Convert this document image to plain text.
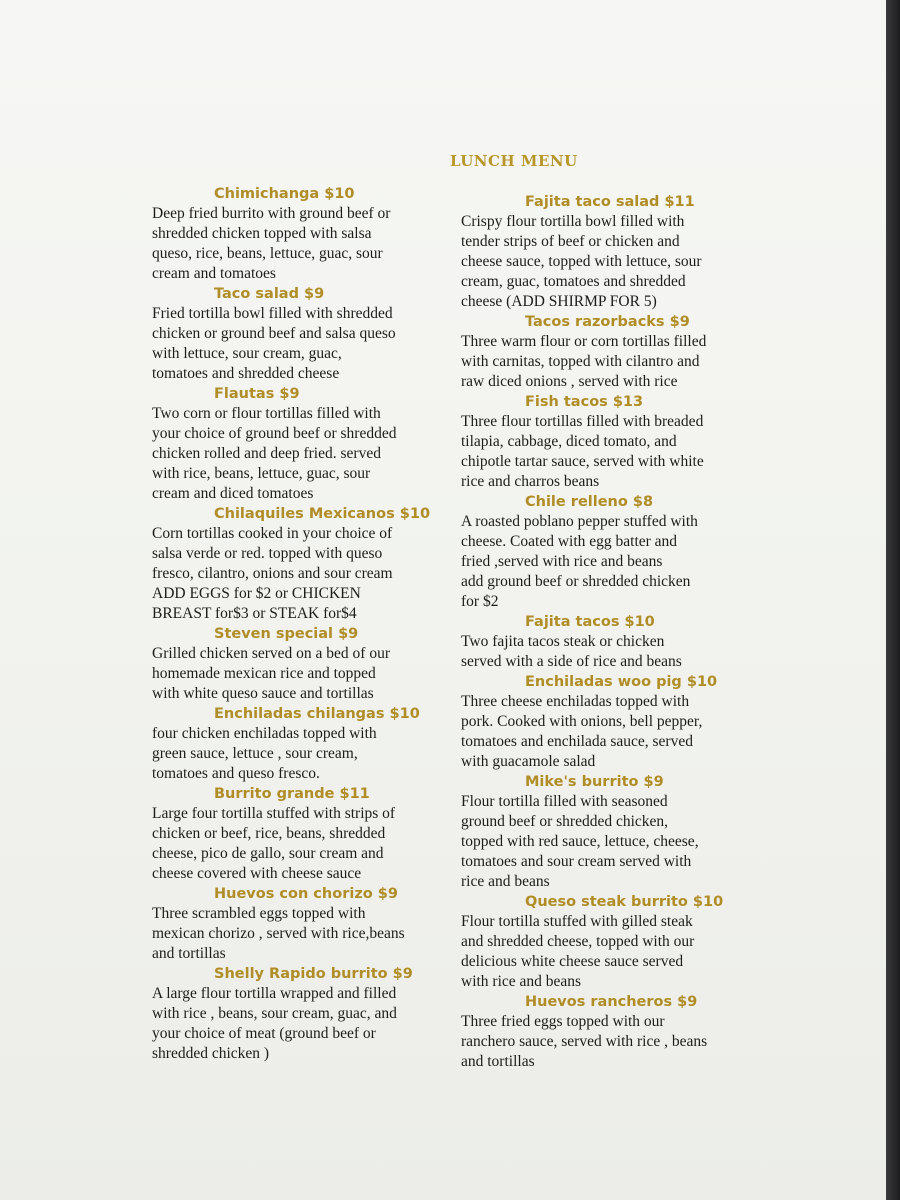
LUNCH MENU
Chimichanga $10
Deep fried burrito with ground beef or
shredded chicken topped with salsa
queso, rice, beans, lettuce, guac, sour
cream and tomatoes
Taco salad $9
Fried tortilla bowl filled with shredded
chicken or ground beef and salsa queso
with lettuce, sour cream, guac,
tomatoes and shredded cheese
Flautas $9
Two corn or flour tortillas filled with
your choice of ground beef or shredded
chicken rolled and deep fried. served
with rice, beans, lettuce, guac, sour
cream and diced tomatoes
Chilaquiles Mexicanos $10
Corn tortillas cooked in your choice of
salsa verde or red. topped with queso
fresco, cilantro, onions and sour cream
ADD EGGS for $2 or CHICKEN
BREAST for$3 or STEAK for$4
Steven special $9
Grilled chicken served on a bed of our
homemade mexican rice and topped
with white queso sauce and tortillas
Enchiladas chilangas $10
four chicken enchiladas topped with
green sauce, lettuce , sour cream,
tomatoes and queso fresco.
Burrito grande $11
Large four tortilla stuffed with strips of
chicken or beef, rice, beans, shredded
cheese, pico de gallo, sour cream and
cheese covered with cheese sauce
Huevos con chorizo $9
Three scrambled eggs topped with
mexican chorizo , served with rice,beans
and tortillas
Shelly Rapido burrito $9
A large flour tortilla wrapped and filled
with rice , beans, sour cream, guac, and
your choice of meat (ground beef or
shredded chicken )
Fajita taco salad $11
Crispy flour tortilla bowl filled with
tender strips of beef or chicken and
cheese sauce, topped with lettuce, sour
cream, guac, tomatoes and shredded
cheese (ADD SHIRMP FOR 5)
Tacos razorbacks $9
Three warm flour or corn tortillas filled
with carnitas, topped with cilantro and
raw diced onions , served with rice
Fish tacos $13
Three flour tortillas filled with breaded
tilapia, cabbage, diced tomato, and
chipotle tartar sauce, served with white
rice and charros beans
Chile relleno $8
A roasted poblano pepper stuffed with
cheese. Coated with egg batter and
fried ,served with rice and beans
add ground beef or shredded chicken
for $2
Fajita tacos $10
Two fajita tacos steak or chicken
served with a side of rice and beans
Enchiladas woo pig $10
Three cheese enchiladas topped with
pork. Cooked with onions, bell pepper,
tomatoes and enchilada sauce, served
with guacamole salad
Mike's burrito $9
Flour tortilla filled with seasoned
ground beef or shredded chicken,
topped with red sauce, lettuce, cheese,
tomatoes and sour cream served with
rice and beans
Queso steak burrito $10
Flour tortilla stuffed with gilled steak
and shredded cheese, topped with our
delicious white cheese sauce served
with rice and beans
Huevos rancheros $9
Three fried eggs topped with our
ranchero sauce, served with rice , beans
and tortillas
